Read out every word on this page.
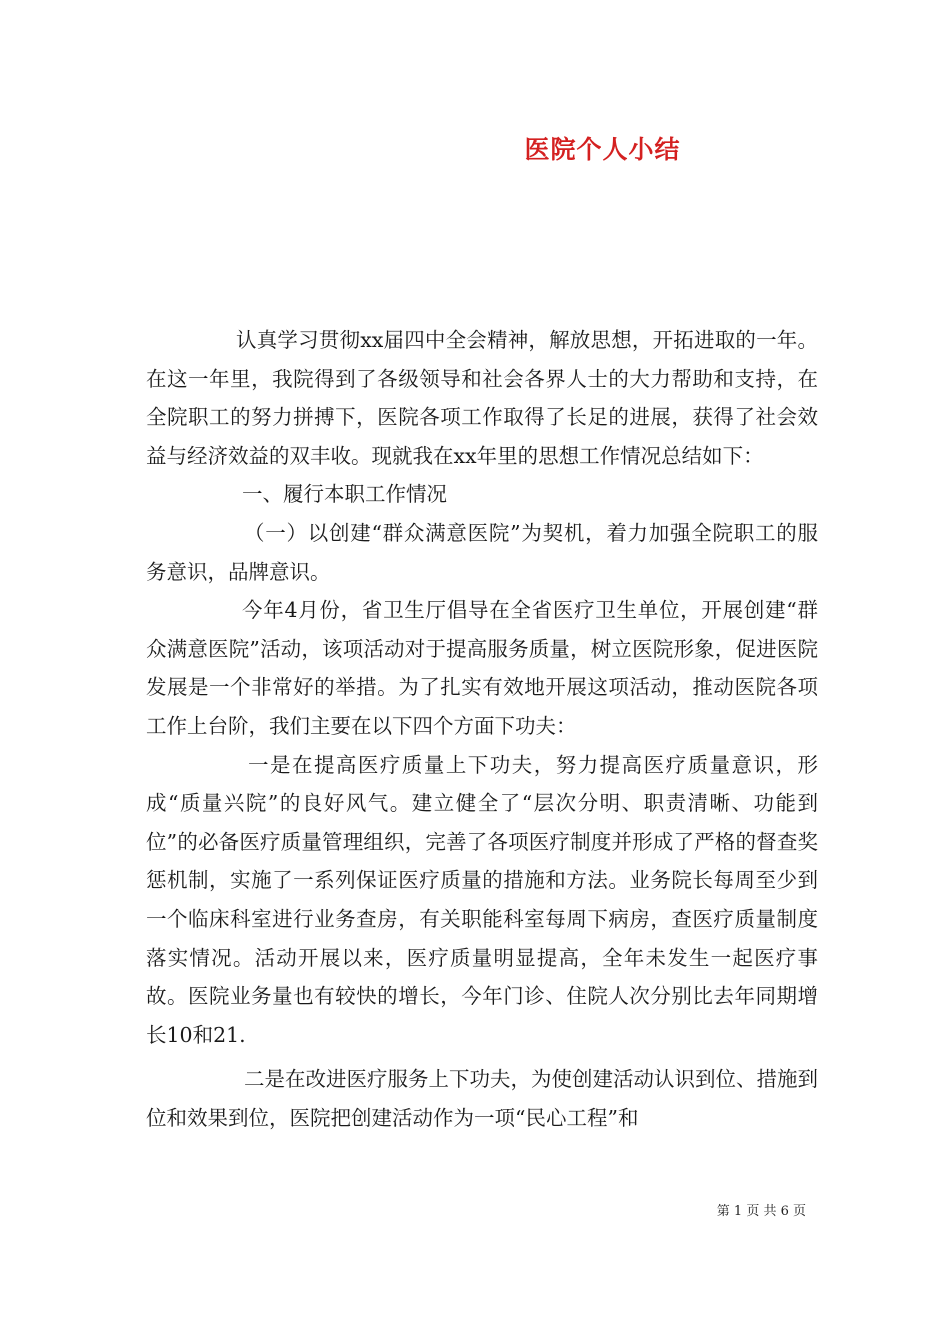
医院个人小结

认真学习贯彻xx届四中全会精神，解放思想，开拓进取的一年。在这一年里，我院得到了各级领导和社会各界人士的大力帮助和支持，在全院职工的努力拼搏下，医院各项工作取得了长足的进展，获得了社会效益与经济效益的双丰收。现就我在xx年里的思想工作情况总结如下：

一、履行本职工作情况

（一）以创建“群众满意医院”为契机，着力加强全院职工的服务意识，品牌意识。

今年4月份，省卫生厅倡导在全省医疗卫生单位，开展创建“群众满意医院”活动，该项活动对于提高服务质量，树立医院形象，促进医院发展是一个非常好的举措。为了扎实有效地开展这项活动，推动医院各项工作上台阶，我们主要在以下四个方面下功夫：

一是在提高医疗质量上下功夫，努力提高医疗质量意识，形成“质量兴院”的良好风气。建立健全了“层次分明、职责清晰、功能到位”的必备医疗质量管理组织，完善了各项医疗制度并形成了严格的督查奖惩机制，实施了一系列保证医疗质量的措施和方法。业务院长每周至少到一个临床科室进行业务查房，有关职能科室每周下病房，查医疗质量制度落实情况。活动开展以来，医疗质量明显提高，全年未发生一起医疗事故。医院业务量也有较快的增长，今年门诊、住院人次分别比去年同期增长10和21.

二是在改进医疗服务上下功夫，为使创建活动认识到位、措施到位和效果到位，医院把创建活动作为一项“民心工程”和

第 1 页 共 6 页
